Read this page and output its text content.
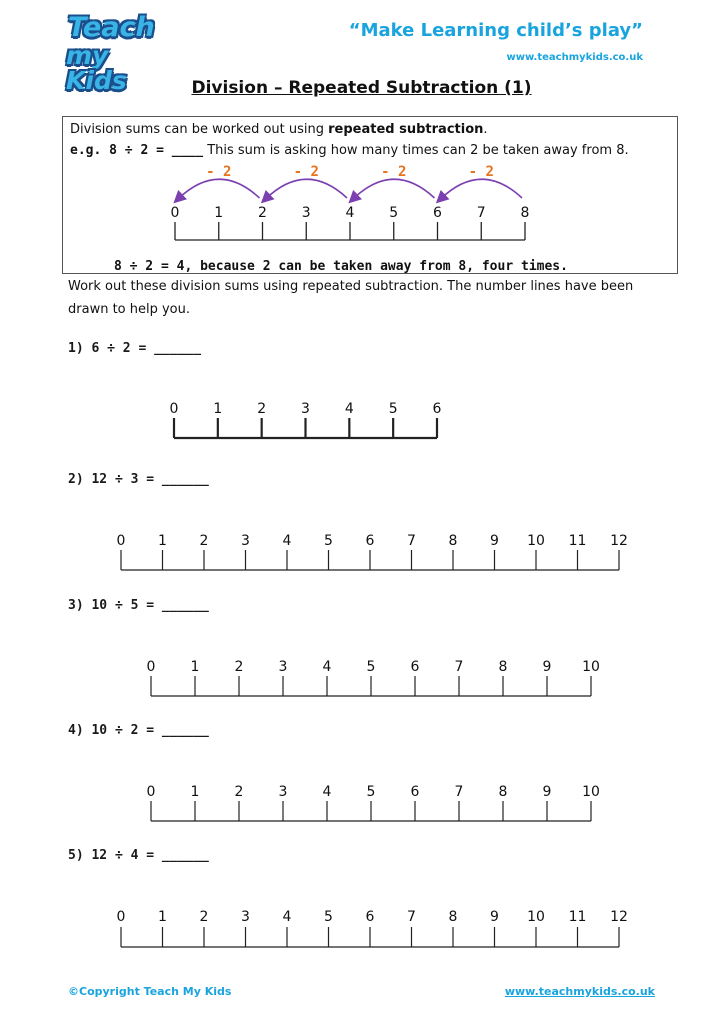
Teach
my Kids
“Make Learning child’s play”
www.teachmykids.co.uk
Division – Repeated Subtraction (1)
Division sums can be worked out using repeated subtraction.
e.g. 8 ÷ 2 = ____ This sum is asking how many times can 2 be taken away from 8.
0 1 2 3 4 5 6 7 8
- 2
- 2
- 2
- 2
8 ÷ 2 = 4, because 2 can be taken away from 8, four times.
Work out these division sums using repeated subtraction. The number lines have been
drawn to help you.
1) 6 ÷ 2 = ______
0 1 2 3 4 5 6
2) 12 ÷ 3 = ______
0 1 2 3 4 5 6 7 8 9 10 11 12
3) 10 ÷ 5 = ______
0	1	2	3	4	5	6	7	8	9 10
4) 10 ÷ 2 = ______
0	1	2	3	4	5	6	7	8	9 10
5) 12 ÷ 4 = ______
0 1 2 3 4 5 6 7 8 9 10 11 12
©Copyright Teach My Kids	www.teachmykids.co.uk
